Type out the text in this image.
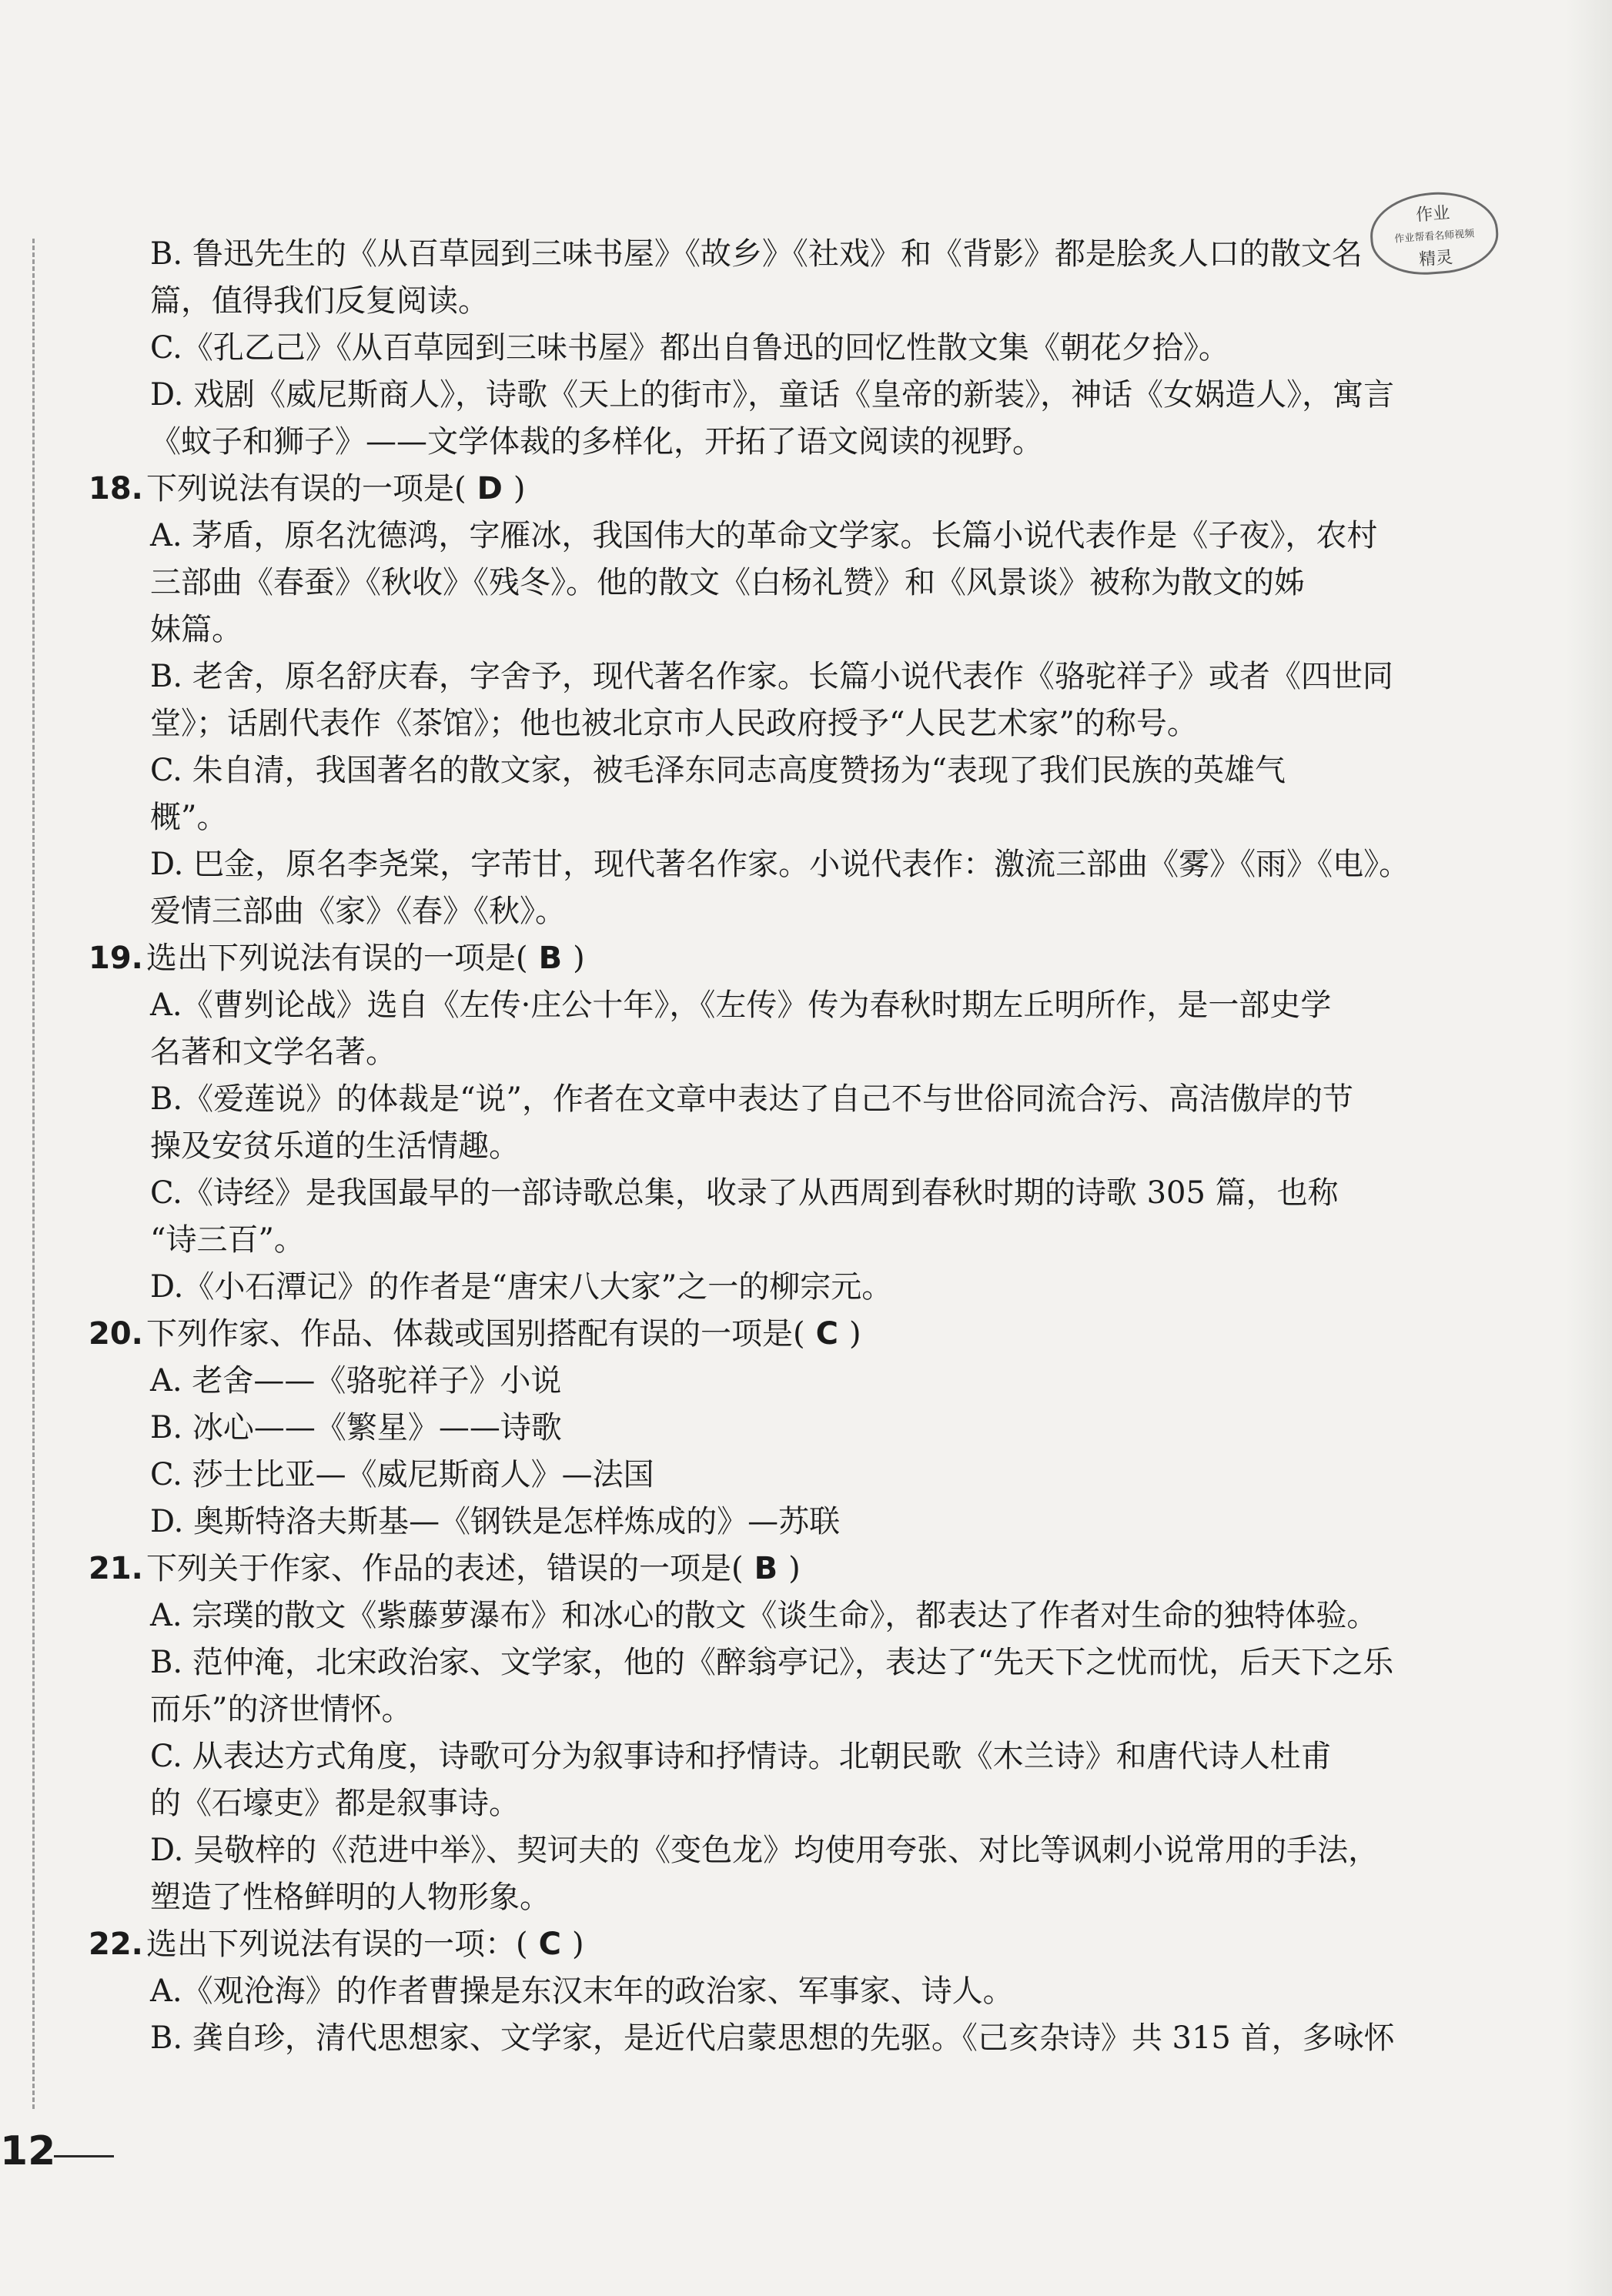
作业
作业帮看名师视频
精灵
B. 鲁迅先生的《从百草园到三味书屋》《故乡》《社戏》和《背影》都是脍炙人口的散文名
篇，值得我们反复阅读。
C.《孔乙己》《从百草园到三味书屋》都出自鲁迅的回忆性散文集《朝花夕拾》。
D. 戏剧《威尼斯商人》，诗歌《天上的街市》，童话《皇帝的新装》，神话《女娲造人》，寓言
《蚊子和狮子》——文学体裁的多样化，开拓了语文阅读的视野。
18. 下列说法有误的一项是( D )
A. 茅盾，原名沈德鸿，字雁冰，我国伟大的革命文学家。长篇小说代表作是《子夜》，农村
三部曲《春蚕》《秋收》《残冬》。他的散文《白杨礼赞》和《风景谈》被称为散文的姊
妹篇。
B. 老舍，原名舒庆春，字舍予，现代著名作家。长篇小说代表作《骆驼祥子》或者《四世同
堂》；话剧代表作《茶馆》；他也被北京市人民政府授予“人民艺术家”的称号。
C. 朱自清，我国著名的散文家，被毛泽东同志高度赞扬为“表现了我们民族的英雄气
概”。
D. 巴金，原名李尧棠，字芾甘，现代著名作家。小说代表作：激流三部曲《雾》《雨》《电》。
爱情三部曲《家》《春》《秋》。
19. 选出下列说法有误的一项是( B )
A.《曹刿论战》选自《左传·庄公十年》，《左传》传为春秋时期左丘明所作，是一部史学
名著和文学名著。
B.《爱莲说》的体裁是“说”，作者在文章中表达了自己不与世俗同流合污、高洁傲岸的节
操及安贫乐道的生活情趣。
C.《诗经》是我国最早的一部诗歌总集，收录了从西周到春秋时期的诗歌 305 篇，也称
“诗三百”。
D.《小石潭记》的作者是“唐宋八大家”之一的柳宗元。
20. 下列作家、作品、体裁或国别搭配有误的一项是( C )
A. 老舍——《骆驼祥子》小说
B. 冰心——《繁星》——诗歌
C. 莎士比亚—《威尼斯商人》—法国
D. 奥斯特洛夫斯基—《钢铁是怎样炼成的》—苏联
21. 下列关于作家、作品的表述，错误的一项是( B )
A. 宗璞的散文《紫藤萝瀑布》和冰心的散文《谈生命》，都表达了作者对生命的独特体验。
B. 范仲淹，北宋政治家、文学家，他的《醉翁亭记》，表达了“先天下之忧而忧，后天下之乐
而乐”的济世情怀。
C. 从表达方式角度，诗歌可分为叙事诗和抒情诗。北朝民歌《木兰诗》和唐代诗人杜甫
的《石壕吏》都是叙事诗。
D. 吴敬梓的《范进中举》、契诃夫的《变色龙》均使用夸张、对比等讽刺小说常用的手法，
塑造了性格鲜明的人物形象。
22. 选出下列说法有误的一项：( C )
A.《观沧海》的作者曹操是东汉末年的政治家、军事家、诗人。
B. 龚自珍，清代思想家、文学家，是近代启蒙思想的先驱。《己亥杂诗》共 315 首，多咏怀
12
